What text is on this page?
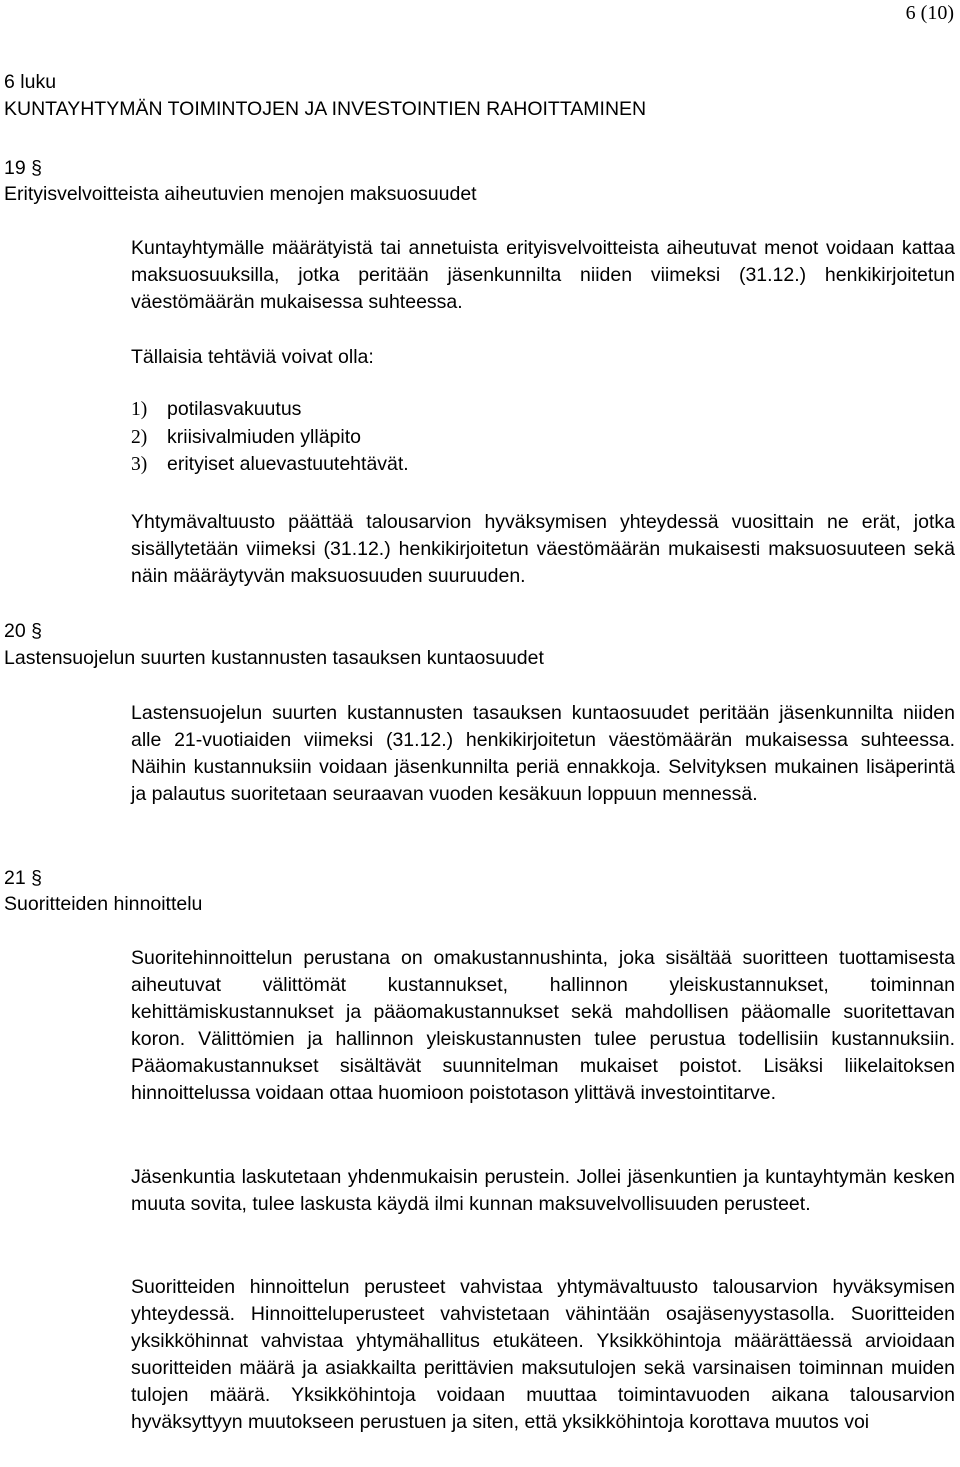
6 (10)
6 luku
KUNTAYHTYMÄN TOIMINTOJEN JA INVESTOINTIEN RAHOITTAMINEN
19 §
Erityisvelvoitteista aiheutuvien menojen maksuosuudet

Kuntayhtymälle määrätyistä tai annetuista erityisvelvoitteista aiheutuvat menot voidaan kattaa maksuosuuksilla, jotka peritään jäsenkunnilta niiden viimeksi (31.12.) henkikirjoitetun väestömäärän mukaisessa suhteessa.

Tällaisia tehtäviä voivat olla:
1) potilasvakuutus
2) kriisivalmiuden ylläpito
3) erityiset aluevastuutehtävät.

Yhtymävaltuusto päättää talousarvion hyväksymisen yhteydessä vuosittain ne erät, jotka sisällytetään viimeksi (31.12.) henkikirjoitetun väestömäärän mukaisesti maksuosuuteen sekä näin määräytyvän maksuosuuden suuruuden.

20 §
Lastensuojelun suurten kustannusten tasauksen kuntaosuudet

Lastensuojelun suurten kustannusten tasauksen kuntaosuudet peritään jäsenkunnilta niiden alle 21-vuotiaiden viimeksi (31.12.) henkikirjoitetun väestömäärän mukaisessa suhteessa. Näihin kustannuksiin voidaan jäsenkunnilta periä ennakkoja. Selvityksen mukainen lisäperintä ja palautus suoritetaan seuraavan vuoden kesäkuun loppuun mennessä.

21 §
Suoritteiden hinnoittelu

Suoritehinnoittelun perustana on omakustannushinta, joka sisältää suoritteen tuottamisesta aiheutuvat välittömät kustannukset, hallinnon yleiskustannukset, toiminnan kehittämiskustannukset ja pääomakustannukset sekä mahdollisen pääomalle suoritettavan koron. Välittömien ja hallinnon yleiskustannusten tulee perustua todellisiin kustannuksiin. Pääomakustannukset sisältävät suunnitelman mukaiset poistot. Lisäksi liikelaitoksen hinnoittelussa voidaan ottaa huomioon poistotason ylittävä investointitarve.

Jäsenkuntia laskutetaan yhdenmukaisin perustein. Jollei jäsenkuntien ja kuntayhtymän kesken muuta sovita, tulee laskusta käydä ilmi kunnan maksuvelvollisuuden perusteet.

Suoritteiden hinnoittelun perusteet vahvistaa yhtymävaltuusto talousarvion hyväksymisen yhteydessä. Hinnoitteluperusteet vahvistetaan vähintään osajäsenyystasolla. Suoritteiden yksikköhinnat vahvistaa yhtymähallitus etukäteen. Yksikköhintoja määrättäessä arvioidaan suoritteiden määrä ja asiakkailta perittävien maksutulojen sekä varsinaisen toiminnan muiden tulojen määrä. Yksikköhintoja voidaan muuttaa toimintavuoden aikana talousarvion hyväksyttyyn muutokseen perustuen ja siten, että yksikköhintoja korottava muutos voi
